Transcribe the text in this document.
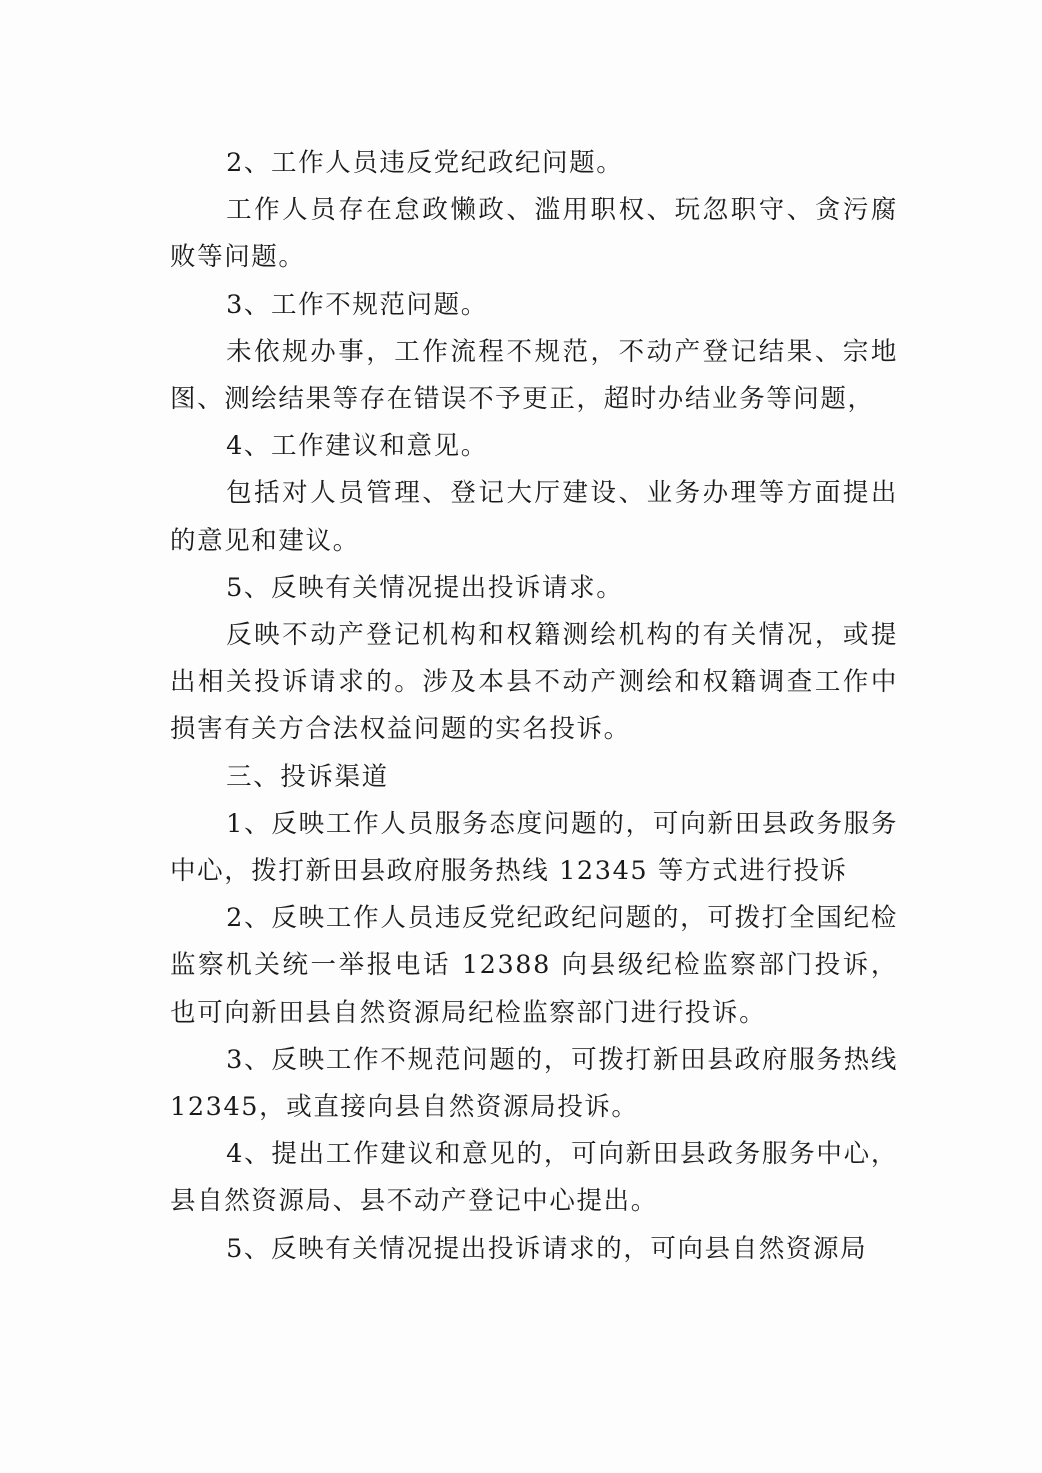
2、工作人员违反党纪政纪问题。

工作人员存在怠政懒政、滥用职权、玩忽职守、贪污腐败等问题。

3、工作不规范问题。

未依规办事，工作流程不规范，不动产登记结果、宗地图、测绘结果等存在错误不予更正，超时办结业务等问题，

4、工作建议和意见。

包括对人员管理、登记大厅建设、业务办理等方面提出的意见和建议。

5、反映有关情况提出投诉请求。

反映不动产登记机构和权籍测绘机构的有关情况，或提出相关投诉请求的。涉及本县不动产测绘和权籍调查工作中损害有关方合法权益问题的实名投诉。

三、投诉渠道

1、反映工作人员服务态度问题的，可向新田县政务服务中心，拨打新田县政府服务热线 12345 等方式进行投诉

2、反映工作人员违反党纪政纪问题的，可拨打全国纪检监察机关统一举报电话 12388 向县级纪检监察部门投诉，也可向新田县自然资源局纪检监察部门进行投诉。

3、反映工作不规范问题的，可拨打新田县政府服务热线 12345，或直接向县自然资源局投诉。

4、提出工作建议和意见的，可向新田县政务服务中心，县自然资源局、县不动产登记中心提出。

5、反映有关情况提出投诉请求的，可向县自然资源局
